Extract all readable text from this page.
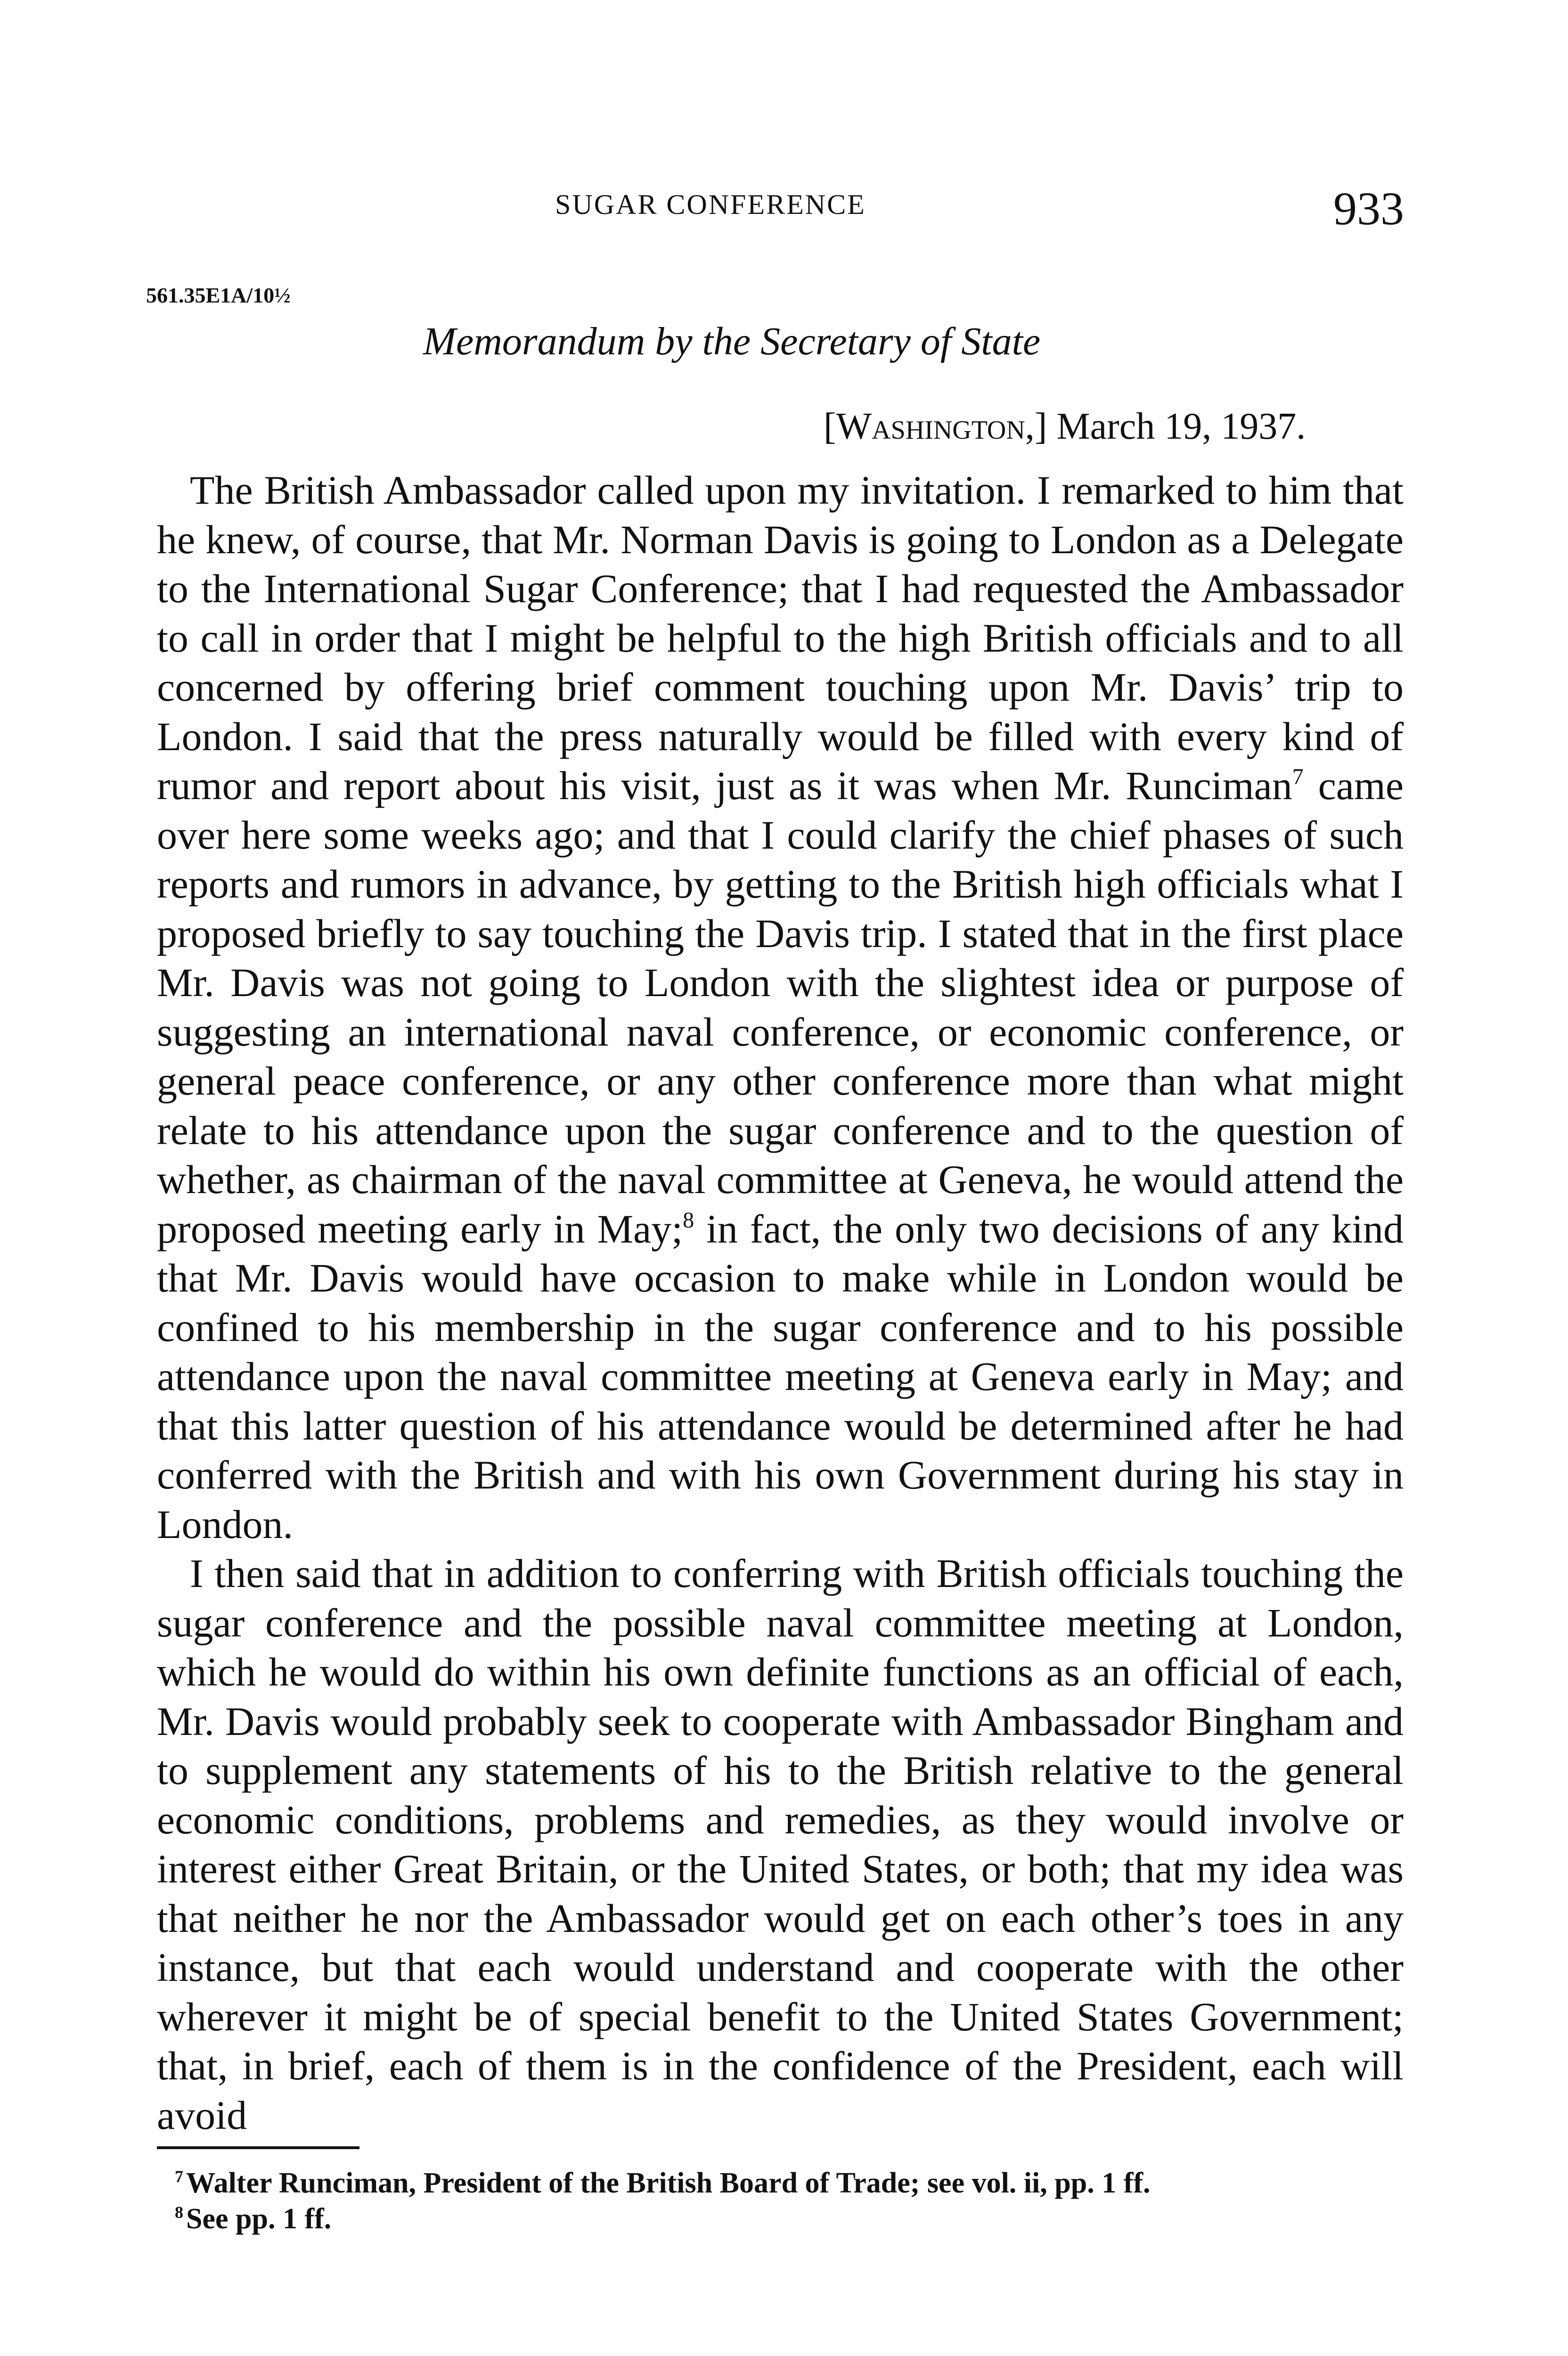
SUGAR CONFERENCE	933
561.35E1A/10½
Memorandum by the Secretary of State
[Washington,] March 19, 1937.

The British Ambassador called upon my invitation. I remarked to him that he knew, of course, that Mr. Norman Davis is going to London as a Delegate to the International Sugar Conference; that I had requested the Ambassador to call in order that I might be helpful to the high British officials and to all concerned by offering brief comment touching upon Mr. Davis’ trip to London. I said that the press naturally would be filled with every kind of rumor and report about his visit, just as it was when Mr. Runciman$^7$ came over here some weeks ago; and that I could clarify the chief phases of such reports and rumors in advance, by getting to the British high officials what I proposed briefly to say touching the Davis trip. I stated that in the first place Mr. Davis was not going to London with the slightest idea or purpose of suggesting an international naval conference, or economic conference, or general peace conference, or any other conference more than what might relate to his attendance upon the sugar conference and to the question of whether, as chairman of the naval committee at Geneva, he would attend the proposed meeting early in May;$^8$ in fact, the only two decisions of any kind that Mr. Davis would have occasion to make while in London would be confined to his membership in the sugar conference and to his possible attendance upon the naval committee meeting at Geneva early in May; and that this latter question of his attendance would be determined after he had conferred with the British and with his own Government during his stay in London.

I then said that in addition to conferring with British officials touching the sugar conference and the possible naval committee meeting at London, which he would do within his own definite functions as an official of each, Mr. Davis would probably seek to cooperate with Ambassador Bingham and to supplement any statements of his to the British relative to the general economic conditions, problems and remedies, as they would involve or interest either Great Britain, or the United States, or both; that my idea was that neither he nor the Ambassador would get on each other’s toes in any instance, but that each would understand and cooperate with the other wherever it might be of special benefit to the United States Government; that, in brief, each of them is in the confidence of the President, each will avoid

$^7$Walter Runciman, President of the British Board of Trade; see vol. ii, pp. 1 ff.

$^8$See pp. 1 ff.
